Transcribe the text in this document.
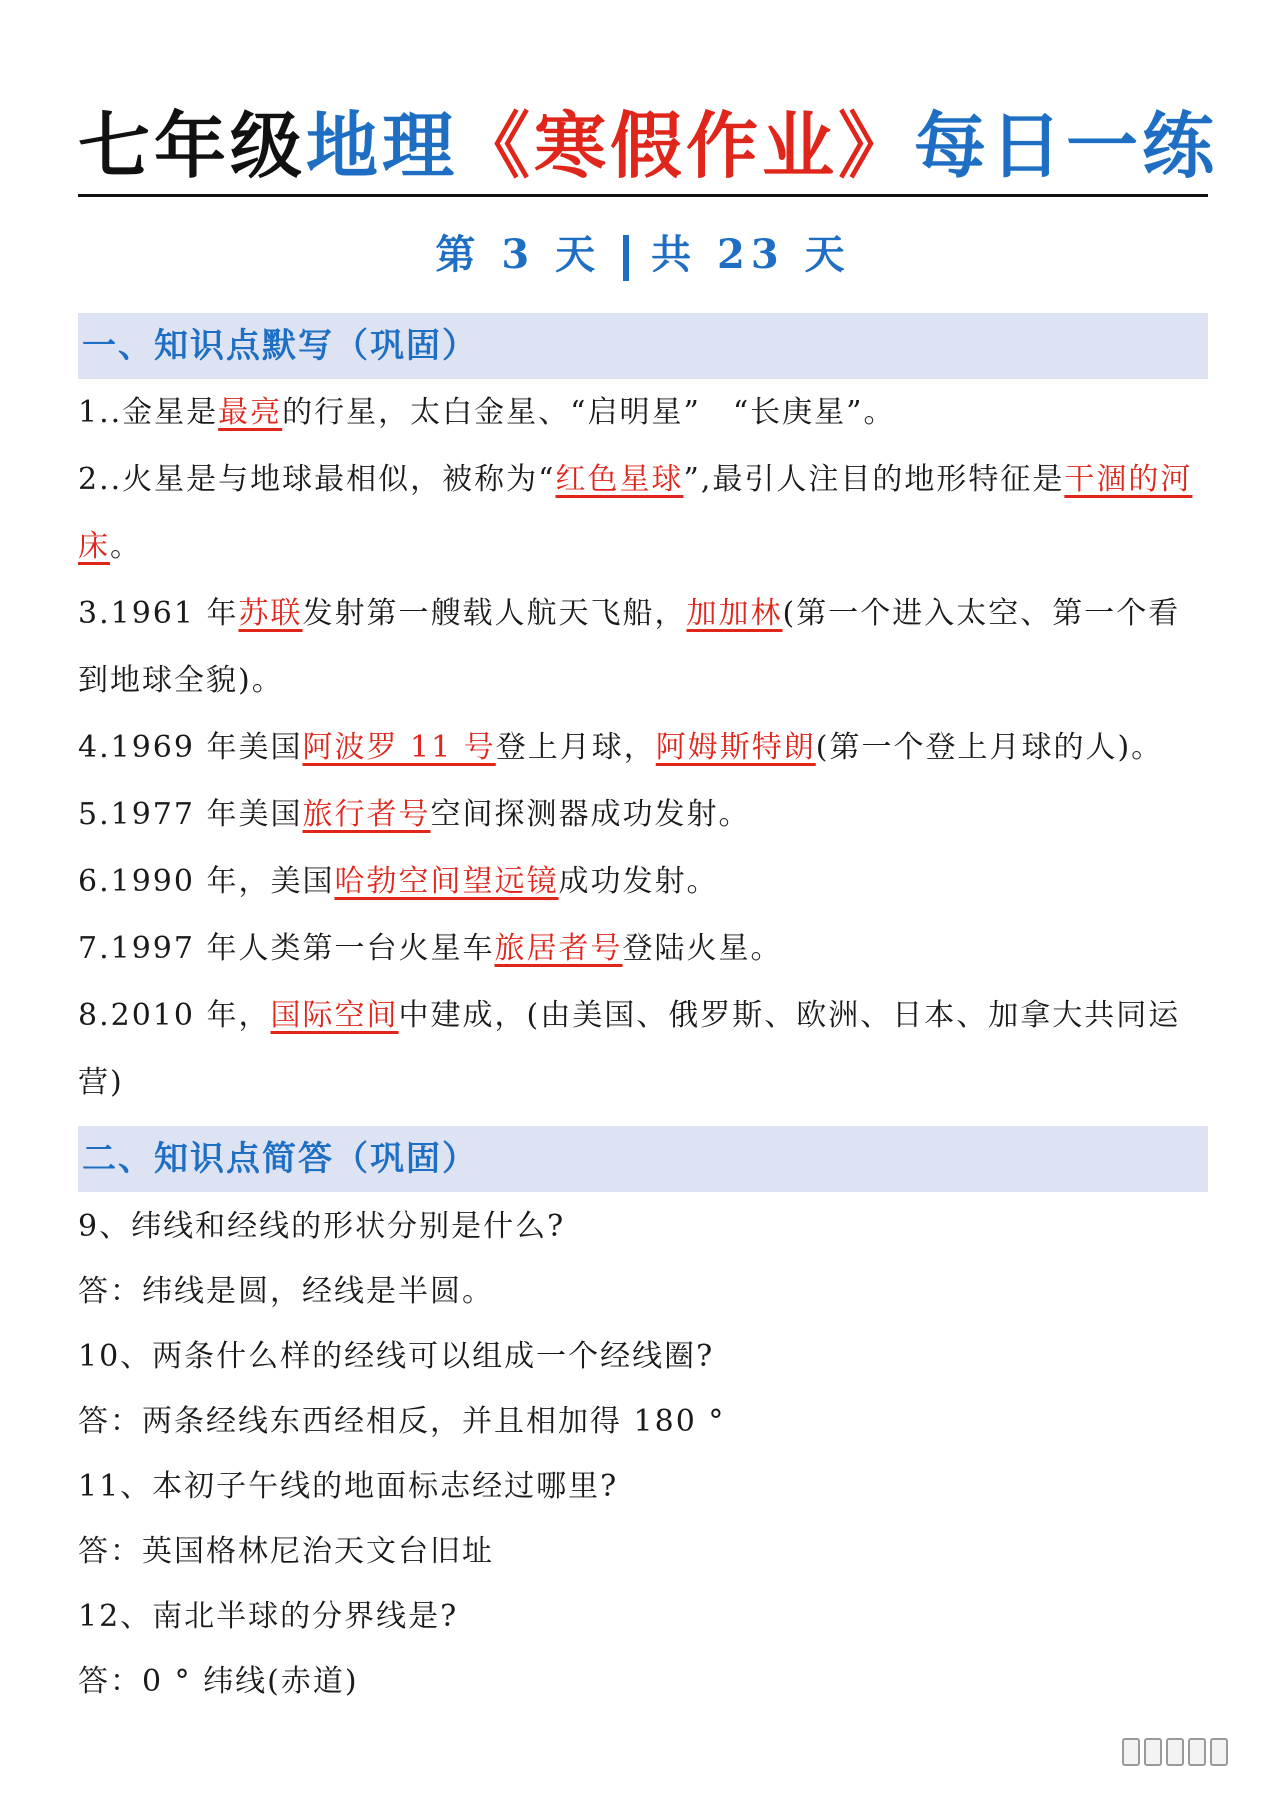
七年级地理《寒假作业》每日一练
第 3 天 共 23 天
一、知识点默写（巩固）
1..金星是最亮的行星，太白金星、“启明星”　“长庚星”。
2..火星是与地球最相似，被称为“红色星球”,最引人注目的地形特征是干涸的河床。
3.1961 年苏联发射第一艘载人航天飞船，加加林(第一个进入太空、第一个看到地球全貌)。
4.1969 年美国阿波罗 11 号登上月球，阿姆斯特朗(第一个登上月球的人)。
5.1977 年美国旅行者号空间探测器成功发射。
6.1990 年，美国哈勃空间望远镜成功发射。
7.1997 年人类第一台火星车旅居者号登陆火星。
8.2010 年，国际空间中建成，(由美国、俄罗斯、欧洲、日本、加拿大共同运营)
二、知识点简答（巩固）
9、纬线和经线的形状分别是什么?
答：纬线是圆，经线是半圆。
10、两条什么样的经线可以组成一个经线圈?
答：两条经线东西经相反，并且相加得 180 °
11、本初子午线的地面标志经过哪里?
答：英国格林尼治天文台旧址
12、南北半球的分界线是?
答：0 ° 纬线(赤道)
